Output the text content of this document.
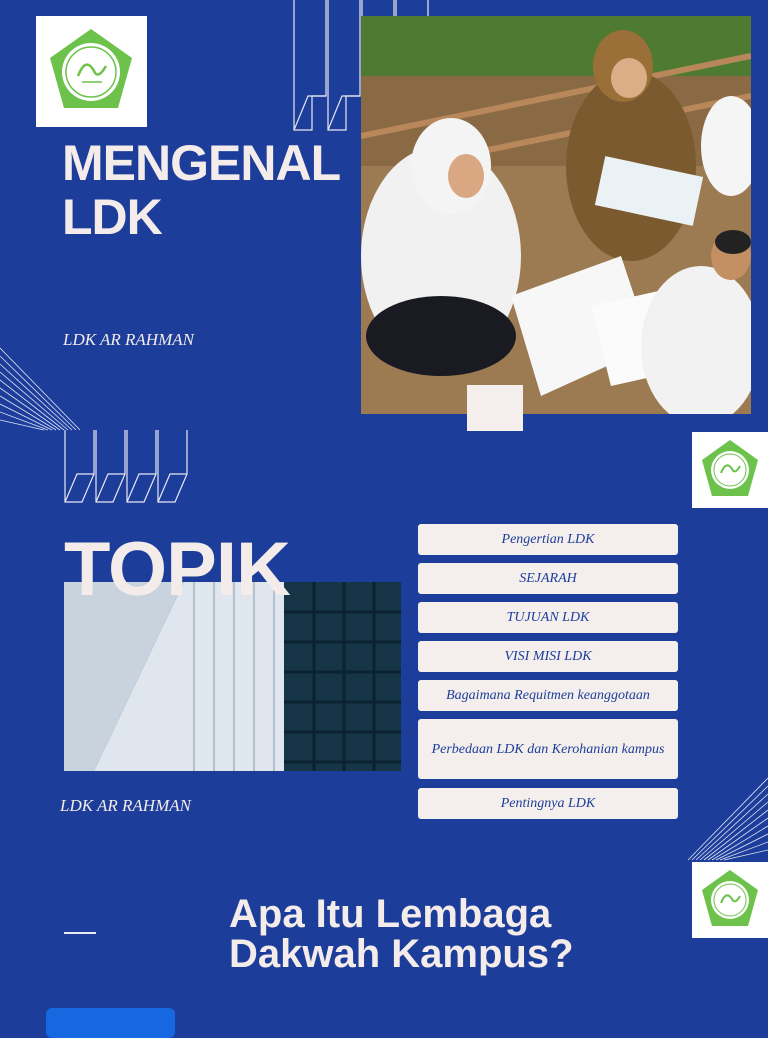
MENGENAL
LDK
LDK AR RAHMAN
TOPIK
LDK AR RAHMAN
Pengertian LDK
SEJARAH
TUJUAN LDK
VISI MISI LDK
Bagaimana Requitmen keanggotaan
Perbedaan LDK dan Kerohanian kampus
Pentingnya LDK
Apa Itu Lembaga
Dakwah Kampus?
